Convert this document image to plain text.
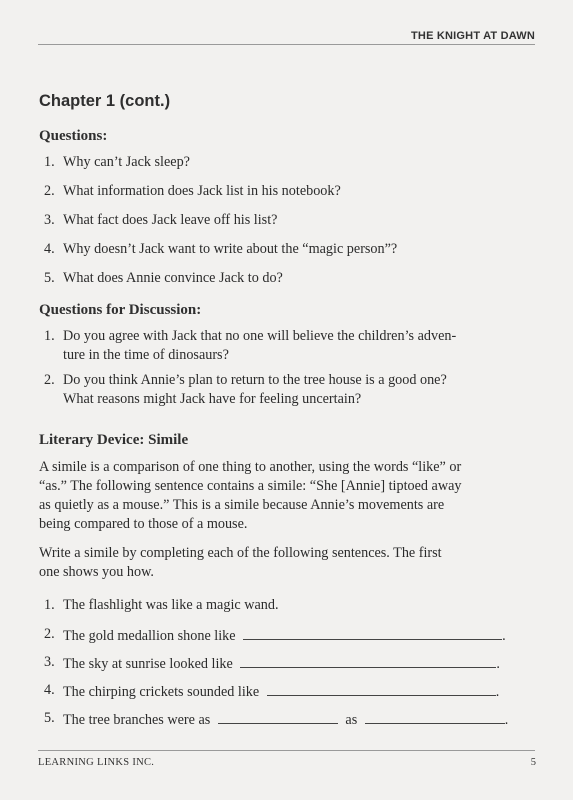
THE KNIGHT AT DAWN
Chapter 1 (cont.)
Questions:
1. Why can’t Jack sleep?
2. What information does Jack list in his notebook?
3. What fact does Jack leave off his list?
4. Why doesn’t Jack want to write about the “magic person”?
5. What does Annie convince Jack to do?
Questions for Discussion:
1. Do you agree with Jack that no one will believe the children’s adven-
ture in the time of dinosaurs?
2. Do you think Annie’s plan to return to the tree house is a good one?
What reasons might Jack have for feeling uncertain?
Literary Device: Simile
A simile is a comparison of one thing to another, using the words “like” or
“as.” The following sentence contains a simile: “She [Annie] tiptoed away
as quietly as a mouse.” This is a simile because Annie’s movements are
being compared to those of a mouse.
Write a simile by completing each of the following sentences. The first
one shows you how.
1. The flashlight was like a magic wand.
2. The gold medallion shone like	.
3. The sky at sunrise looked like	.
4. The chirping crickets sounded like	.
5. The tree branches were as	as	.
LEARNING LINKS INC.	5
